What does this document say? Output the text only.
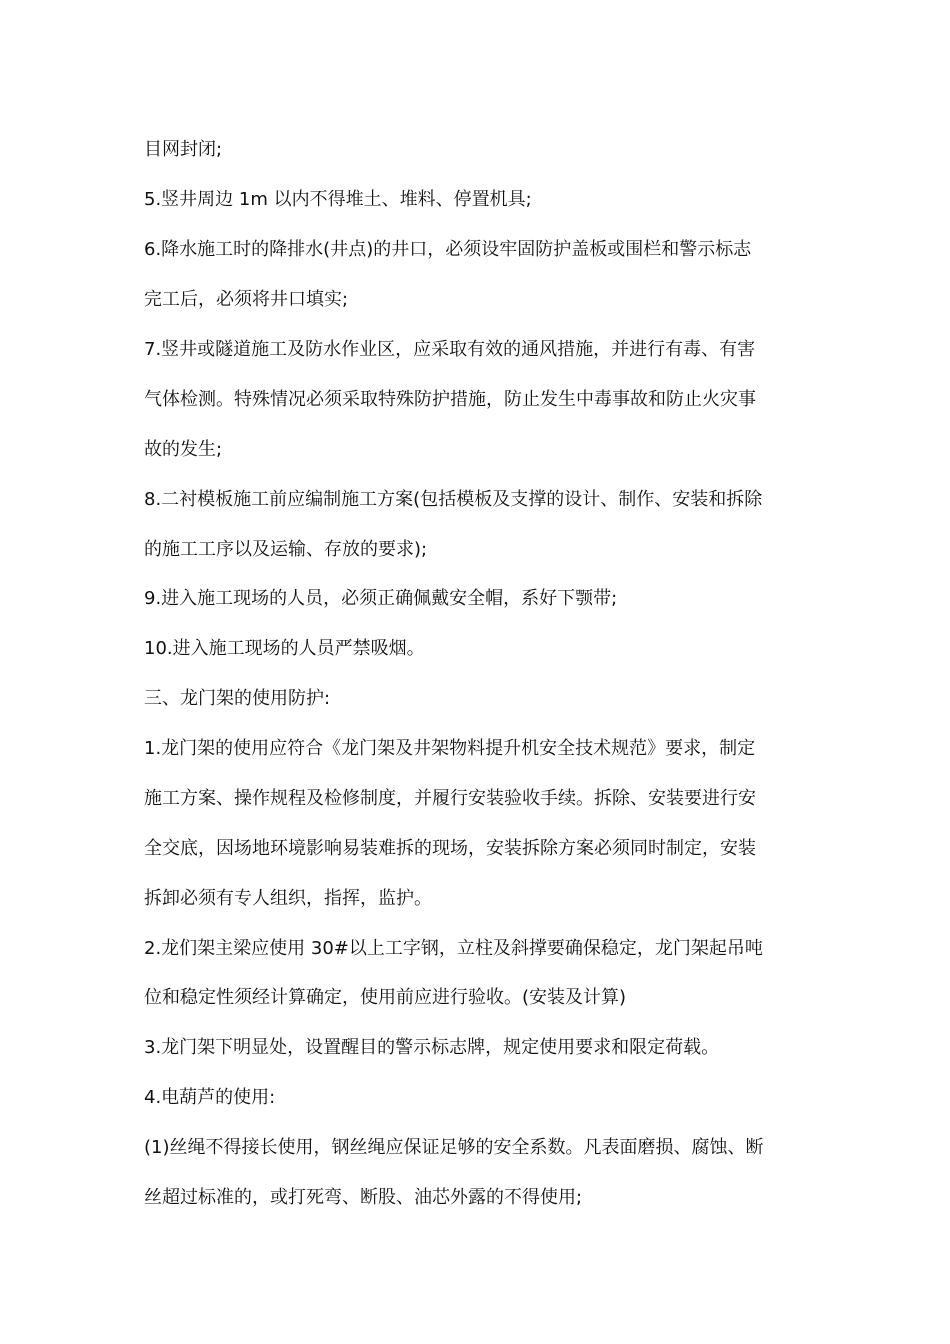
目网封闭;
5.竖井周边 1m 以内不得堆土、堆料、停置机具;
6.降水施工时的降排水(井点)的井口，必须设牢固防护盖板或围栏和警示标志
完工后，必须将井口填实;
7.竖井或隧道施工及防水作业区，应采取有效的通风措施，并进行有毒、有害
气体检测。特殊情况必须采取特殊防护措施，防止发生中毒事故和防止火灾事
故的发生;
8.二衬模板施工前应编制施工方案(包括模板及支撑的设计、制作、安装和拆除
的施工工序以及运输、存放的要求);
9.进入施工现场的人员，必须正确佩戴安全帽，系好下颚带;
10.进入施工现场的人员严禁吸烟。
三、龙门架的使用防护:
1.龙门架的使用应符合《龙门架及井架物料提升机安全技术规范》要求，制定
施工方案、操作规程及检修制度，并履行安装验收手续。拆除、安装要进行安
全交底，因场地环境影响易装难拆的现场，安装拆除方案必须同时制定，安装
拆卸必须有专人组织，指挥，监护。
2.龙们架主梁应使用 30#以上工字钢，立柱及斜撑要确保稳定，龙门架起吊吨
位和稳定性须经计算确定，使用前应进行验收。(安装及计算)
3.龙门架下明显处，设置醒目的警示标志牌，规定使用要求和限定荷载。
4.电葫芦的使用:
(1)丝绳不得接长使用，钢丝绳应保证足够的安全系数。凡表面磨损、腐蚀、断
丝超过标准的，或打死弯、断股、油芯外露的不得使用;
